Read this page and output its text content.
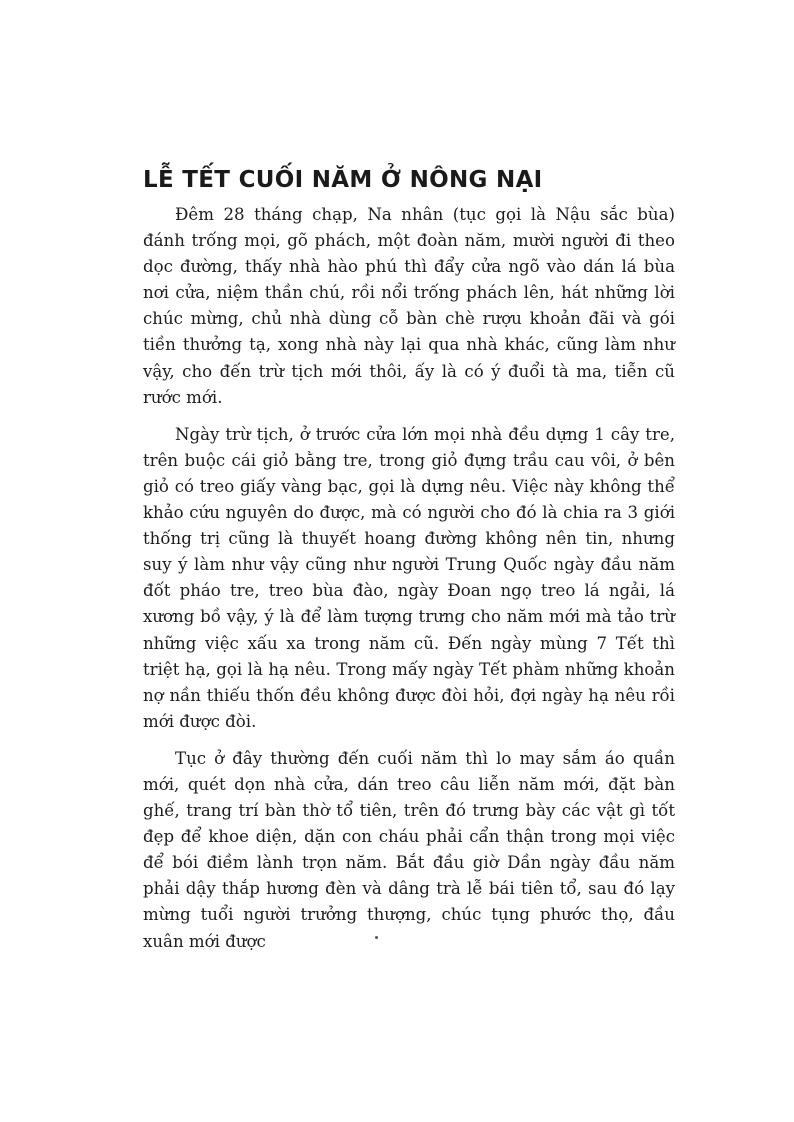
LỄ TẾT CUỐI NĂM Ở NÔNG NẠI

Đêm 28 tháng chạp, Na nhân (tục gọi là Nậu sắc bùa) đánh trống mọi, gõ phách, một đoàn năm, mười người đi theo dọc đường, thấy nhà hào phú thì đẩy cửa ngõ vào dán lá bùa nơi cửa, niệm thần chú, rồi nổi trống phách lên, hát những lời chúc mừng, chủ nhà dùng cỗ bàn chè rượu khoản đãi và gói tiền thưởng tạ, xong nhà này lại qua nhà khác, cũng làm như vậy, cho đến trừ tịch mới thôi, ấy là có ý đuổi tà ma, tiễn cũ rước mới.

Ngày trừ tịch, ở trước cửa lớn mọi nhà đều dựng 1 cây tre, trên buộc cái giỏ bằng tre, trong giỏ đựng trầu cau vôi, ở bên giỏ có treo giấy vàng bạc, gọi là dựng nêu. Việc này không thể khảo cứu nguyên do được, mà có người cho đó là chia ra 3 giới thống trị cũng là thuyết hoang đường không nên tin, nhưng suy ý làm như vậy cũng như người Trung Quốc ngày đầu năm đốt pháo tre, treo bùa đào, ngày Đoan ngọ treo lá ngải, lá xương bồ vậy, ý là để làm tượng trưng cho năm mới mà tảo trừ những việc xấu xa trong năm cũ. Đến ngày mùng 7 Tết thì triệt hạ, gọi là hạ nêu. Trong mấy ngày Tết phàm những khoản nợ nần thiếu thốn đều không được đòi hỏi, đợi ngày hạ nêu rồi mới được đòi.

Tục ở đây thường đến cuối năm thì lo may sắm áo quần mới, quét dọn nhà cửa, dán treo câu liễn năm mới, đặt bàn ghế, trang trí bàn thờ tổ tiên, trên đó trưng bày các vật gì tốt đẹp để khoe diện, dặn con cháu phải cẩn thận trong mọi việc để bói điềm lành trọn năm. Bắt đầu giờ Dần ngày đầu năm phải dậy thắp hương đèn và dâng trà lễ bái tiên tổ, sau đó lạy mừng tuổi người trưởng thượng, chúc tụng phước thọ, đầu xuân mới được
